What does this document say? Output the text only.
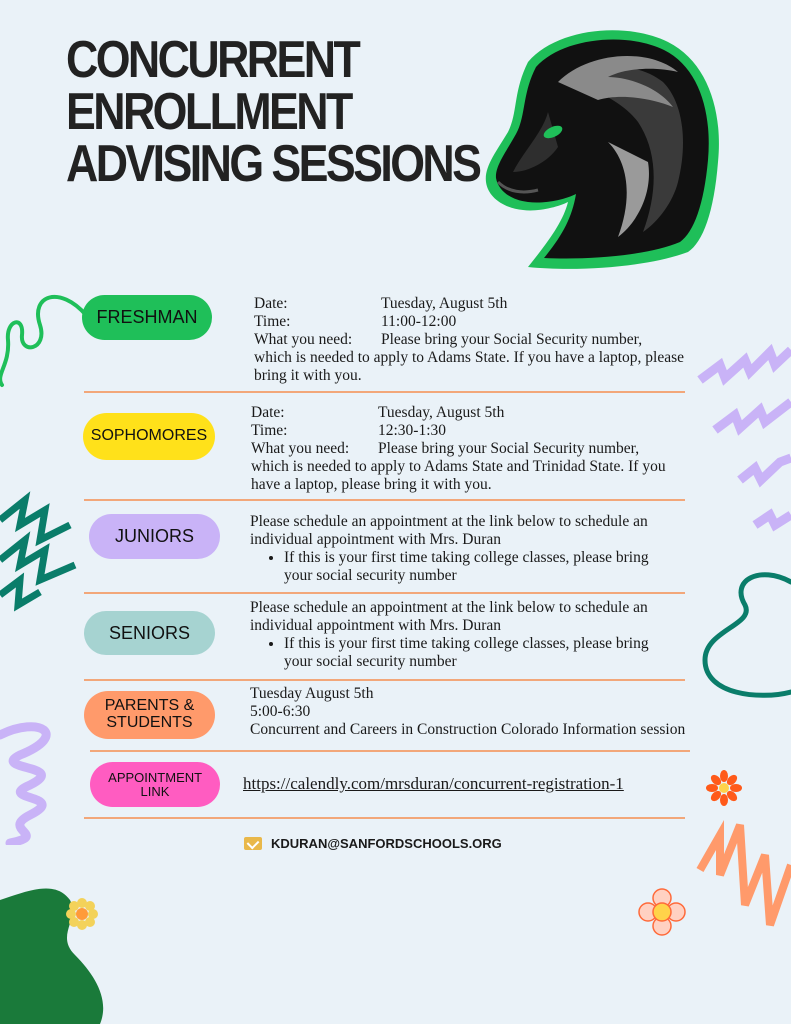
CONCURRENT
ENROLLMENT
ADVISING SESSIONS
FRESHMAN
Date:	Tuesday, August 5th
Time:	11:00-12:00
What you need:	Please bring your Social Security number,
which is needed to apply to Adams State. If you have a laptop, please bring it with you.
SOPHOMORES
Date:	Tuesday, August 5th
Time:	12:30-1:30
What you need:	Please bring your Social Security number,
which is needed to apply to Adams State and Trinidad State. If you have a laptop, please bring it with you.
JUNIORS
Please schedule an appointment at the link below to schedule an individual appointment with Mrs. Duran
• If this is your first time taking college classes, please bring your social security number
SENIORS
Please schedule an appointment at the link below to schedule an individual appointment with Mrs. Duran
• If this is your first time taking college classes, please bring your social security number
PARENTS & STUDENTS
Tuesday August 5th
5:00-6:30
Concurrent and Careers in Construction Colorado Information session
APPOINTMENT LINK	https://calendly.com/mrsduran/concurrent-registration-1
KDURAN@SANFORDSCHOOLS.ORG
